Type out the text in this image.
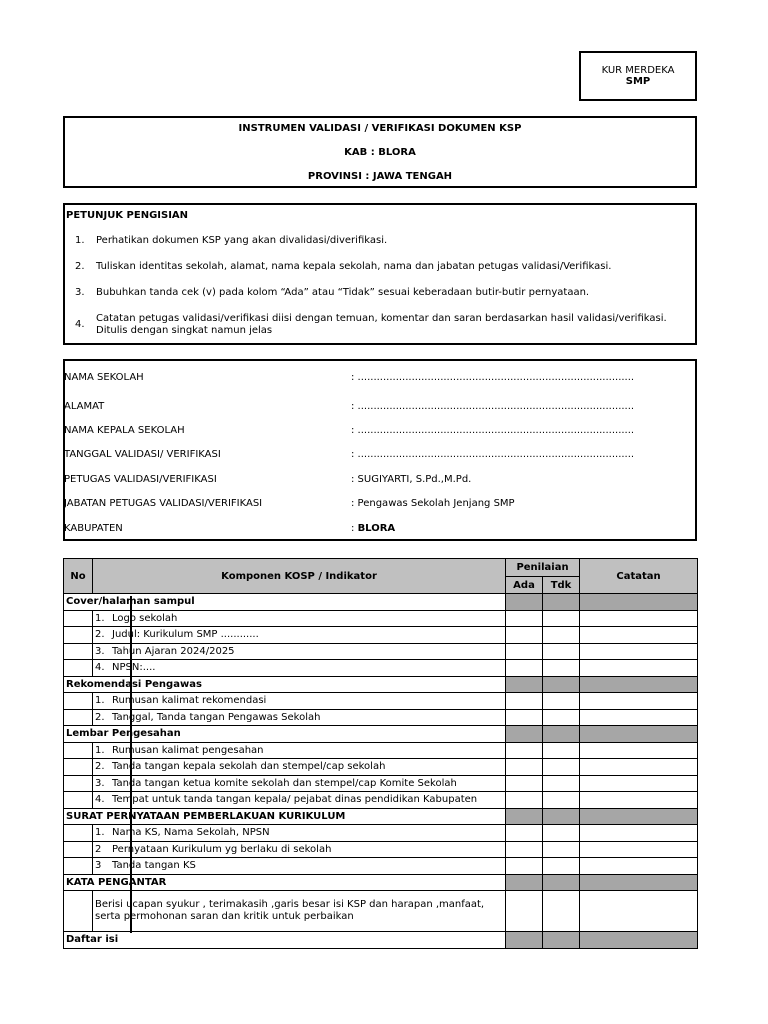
KUR MERDEKA
SMP
INSTRUMEN VALIDASI / VERIFIKASI DOKUMEN KSP
KAB : BLORA
PROVINSI : JAWA TENGAH
PETUNJUK PENGISIAN
1. Perhatikan dokumen KSP yang akan divalidasi/diverifikasi.
2. Tuliskan identitas sekolah, alamat, nama kepala sekolah, nama dan jabatan petugas validasi/Verifikasi.
3. Bubuhkan tanda cek (v) pada kolom “Ada” atau “Tidak” sesuai keberadaan butir-butir pernyataan.
4.
Catatan petugas validasi/verifikasi diisi dengan temuan, komentar dan saran berdasarkan hasil validasi/verifikasi.
Ditulis dengan singkat namun jelas
NAMA SEKOLAH	: .......................................................................................
ALAMAT	: .......................................................................................
NAMA KEPALA SEKOLAH	: .......................................................................................
TANGGAL VALIDASI/ VERIFIKASI	: .......................................................................................
PETUGAS VALIDASI/VERIFIKASI	: SUGIYARTI, S.Pd.,M.Pd.
JABATAN PETUGAS VALIDASI/VERIFIKASI	: Pengawas Sekolah Jenjang SMP
KABUPATEN	: BLORA
No	Komponen KOSP / Indikator	Penilaian		Catatan
		Ada	Tdk	
Cover/halaman sampul				
	1. Logo sekolah			
	2. Judul: Kurikulum SMP ............			
	3. Tahun Ajaran 2024/2025			
	4. NPSN:....			
Rekomendasi Pengawas				
	1. Rumusan kalimat rekomendasi			
	2. Tanggal, Tanda tangan Pengawas Sekolah			
Lembar Pengesahan				
	1. Rumusan kalimat pengesahan			
	2. Tanda tangan kepala sekolah dan stempel/cap sekolah			
	3. Tanda tangan ketua komite sekolah dan stempel/cap Komite Sekolah			
	4. Tempat untuk tanda tangan kepala/ pejabat dinas pendidikan Kabupaten			
SURAT PERNYATAAN PEMBERLAKUAN KURIKULUM				
	1. Nama KS, Nama Sekolah, NPSN			
	2 Pernyataan Kurikulum yg berlaku di sekolah			
	3 Tanda tangan KS			
KATA PENGANTAR				

	Berisi ucapan syukur , terimakasih ,garis besar isi KSP dan harapan ,manfaat,
serta permohonan saran dan kritik untuk perbaikan			

Daftar isi				
